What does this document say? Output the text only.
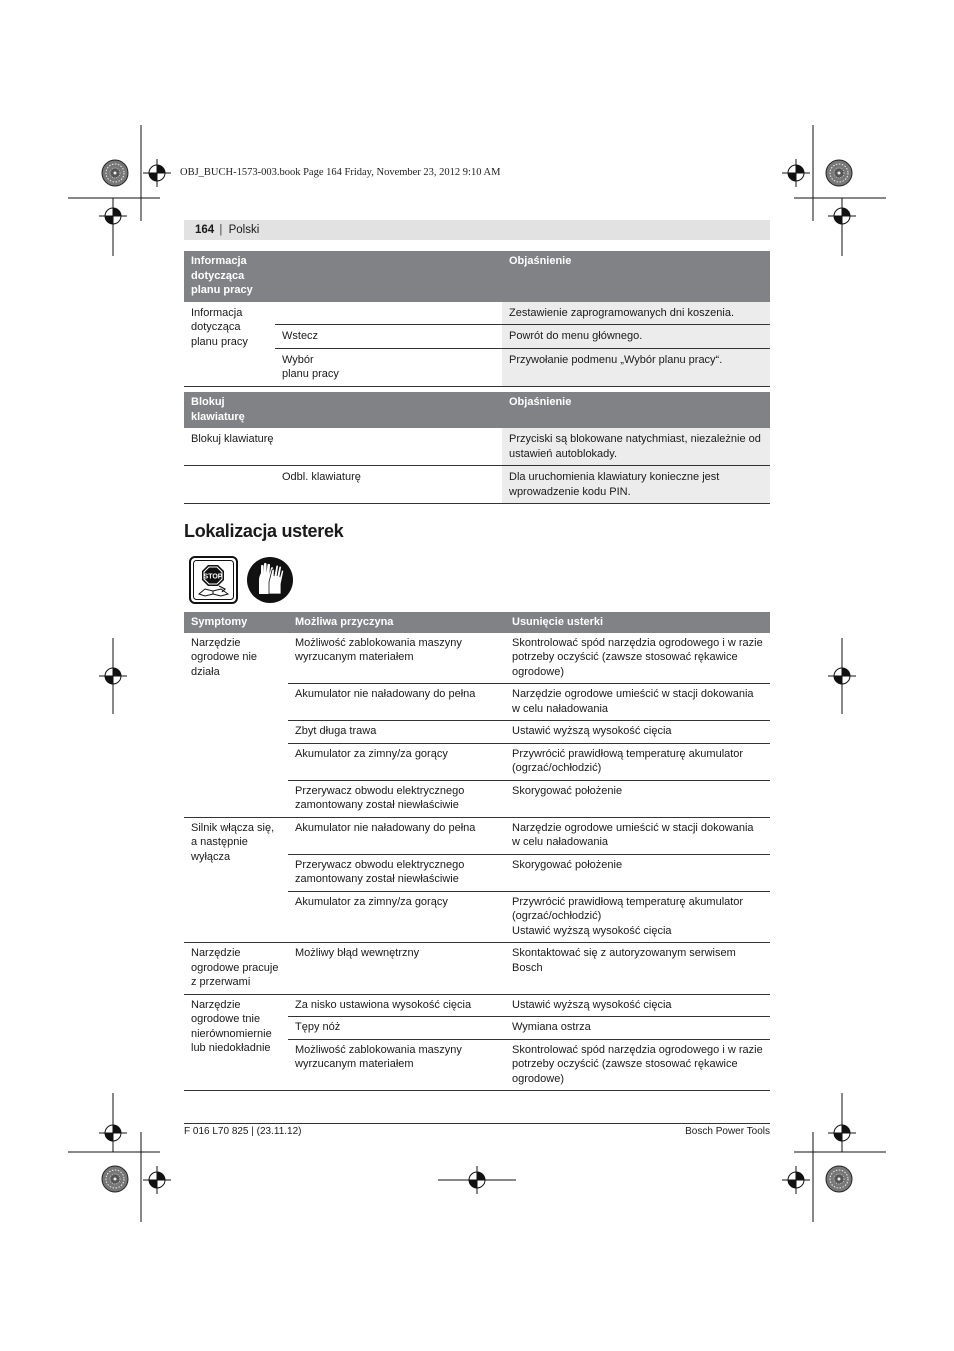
OBJ_BUCH-1573-003.book Page 164 Friday, November 23, 2012 9:10 AM
164 | Polski
Informacja dotycząca planu pracy		Objaśnienie
Informacja dotycząca planu pracy		Zestawienie zaprogramowanych dni koszenia.
	Wstecz	Powrót do menu głównego.
	Wybór planu pracy	Przywołanie podmenu „Wybór planu pracy“.

Blokuj klawiaturę		Objaśnienie
Blokuj klawiaturę		Przyciski są blokowane natychmiast, niezależnie od ustawień autoblokady.
	Odbl. klawiaturę	Dla uruchomienia klawiatury konieczne jest wprowadzenie kodu PIN.

Lokalizacja usterek
STOP
Symptomy	Możliwa przyczyna	Usunięcie usterki
Narzędzie ogrodowe nie działa	Możliwość zablokowania maszyny wyrzucanym materiałem	Skontrolować spód narzędzia ogrodowego i w razie potrzeby oczyścić (zawsze stosować rękawice ogrodowe)
	Akumulator nie naładowany do pełna	Narzędzie ogrodowe umieścić w stacji dokowania w celu naładowania
	Zbyt długa trawa	Ustawić wyższą wysokość cięcia
	Akumulator za zimny/za gorący	Przywrócić prawidłową temperaturę akumulator (ogrzać/ochłodzić)
	Przerywacz obwodu elektrycznego zamontowany został niewłaściwie	Skorygować położenie
Silnik włącza się, a następnie wyłącza	Akumulator nie naładowany do pełna	Narzędzie ogrodowe umieścić w stacji dokowania w celu naładowania
	Przerywacz obwodu elektrycznego zamontowany został niewłaściwie	Skorygować położenie
	Akumulator za zimny/za gorący	Przywrócić prawidłową temperaturę akumulator (ogrzać/ochłodzić)
Ustawić wyższą wysokość cięcia
Narzędzie ogrodowe pracuje z przerwami	Możliwy błąd wewnętrzny	Skontaktować się z autoryzowanym serwisem Bosch
Narzędzie ogrodowe tnie nierównomiernie lub niedokładnie	Za nisko ustawiona wysokość cięcia	Ustawić wyższą wysokość cięcia
	Tępy nóż	Wymiana ostrza
	Możliwość zablokowania maszyny wyrzucanym materiałem	Skontrolować spód narzędzia ogrodowego i w razie potrzeby oczyścić (zawsze stosować rękawice ogrodowe)

F 016 L70 825 | (23.11.12)	Bosch Power Tools
